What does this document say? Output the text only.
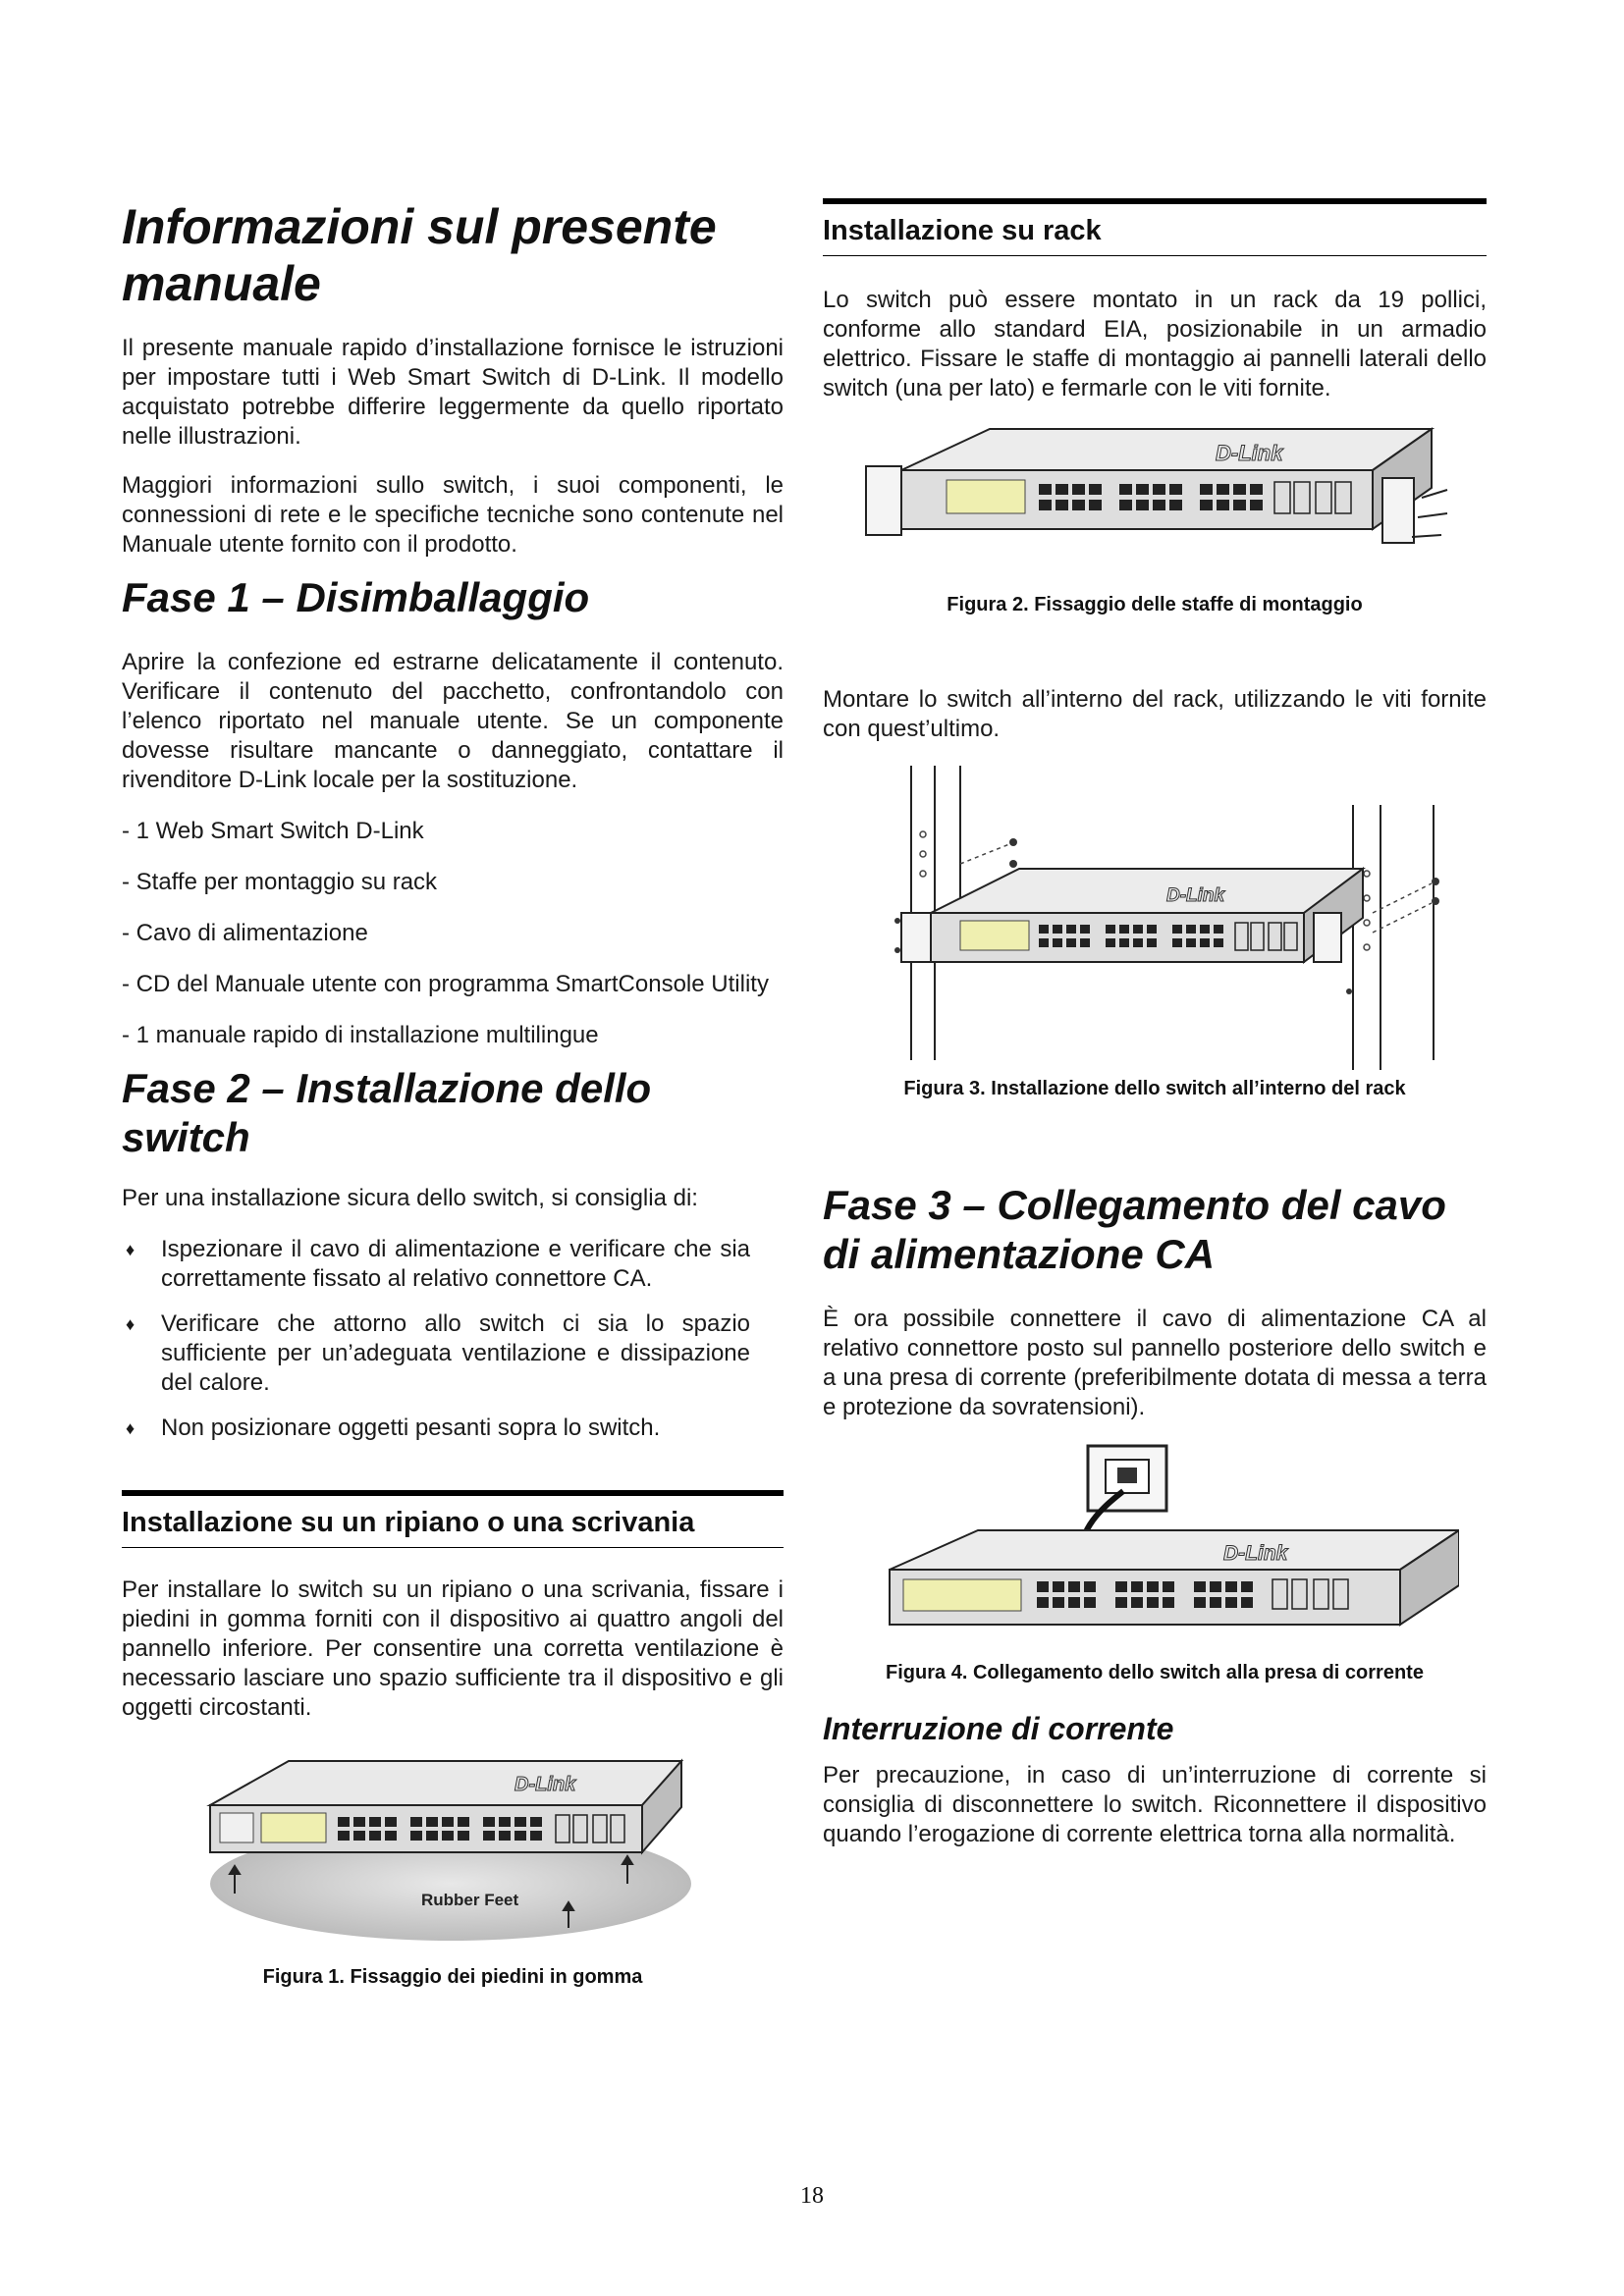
Informazioni sul presente manuale

Il presente manuale rapido d’installazione fornisce le istruzioni per impostare tutti i Web Smart Switch di D-Link. Il modello acquistato potrebbe differire leggermente da quello riportato nelle illustrazioni.

Maggiori informazioni sullo switch, i suoi componenti, le connessioni di rete e le specifiche tecniche sono contenute nel Manuale utente fornito con il prodotto.

Fase 1 – Disimballaggio

Aprire la confezione ed estrarne delicatamente il contenuto. Verificare il contenuto del pacchetto, confrontandolo con l’elenco riportato nel manuale utente. Se un componente dovesse risultare mancante o danneggiato, contattare il rivenditore D-Link locale per la sostituzione.

- 1 Web Smart Switch D-Link
- Staffe per montaggio su rack
- Cavo di alimentazione
- CD del Manuale utente con programma SmartConsole Utility
- 1 manuale rapido di installazione multilingue
Fase 2 – Installazione dello switch

Per una installazione sicura dello switch, si consiglia di:

♦	Ispezionare il cavo di alimentazione e verificare che sia correttamente fissato al relativo connettore CA.
♦	Verificare che attorno allo switch ci sia lo spazio sufficiente per un’adeguata ventilazione e dissipazione del calore.
♦	Non posizionare oggetti pesanti sopra lo switch.
Installazione su un ripiano o una scrivania

Per installare lo switch su un ripiano o una scrivania, fissare i piedini in gomma forniti con il dispositivo ai quattro angoli del pannello inferiore. Per consentire una corretta ventilazione è necessario lasciare uno spazio sufficiente tra il dispositivo e gli oggetti circostanti.

D-Link
Rubber Feet
Figura 1. Fissaggio dei piedini in gomma
Installazione su rack

Lo switch può essere montato in un rack da 19 pollici, conforme allo standard EIA, posizionabile in un armadio elettrico. Fissare le staffe di montaggio ai pannelli laterali dello switch (una per lato) e fermarle con le viti fornite.

D-Link
Figura 2. Fissaggio delle staffe di montaggio

Montare lo switch all’interno del rack, utilizzando le viti fornite con quest’ultimo.

D-Link
Figura 3. Installazione dello switch all’interno del rack
Fase 3 – Collegamento del cavo di alimentazione CA

È ora possibile connettere il cavo di alimentazione CA al relativo connettore posto sul pannello posteriore dello switch e a una presa di corrente (preferibilmente dotata di messa a terra e protezione da sovratensioni).

D-Link
Figura 4. Collegamento dello switch alla presa di corrente
Interruzione di corrente

Per precauzione, in caso di un’interruzione di corrente si consiglia di disconnettere lo switch. Riconnettere il dispositivo quando l’erogazione di corrente elettrica torna alla normalità.

18
